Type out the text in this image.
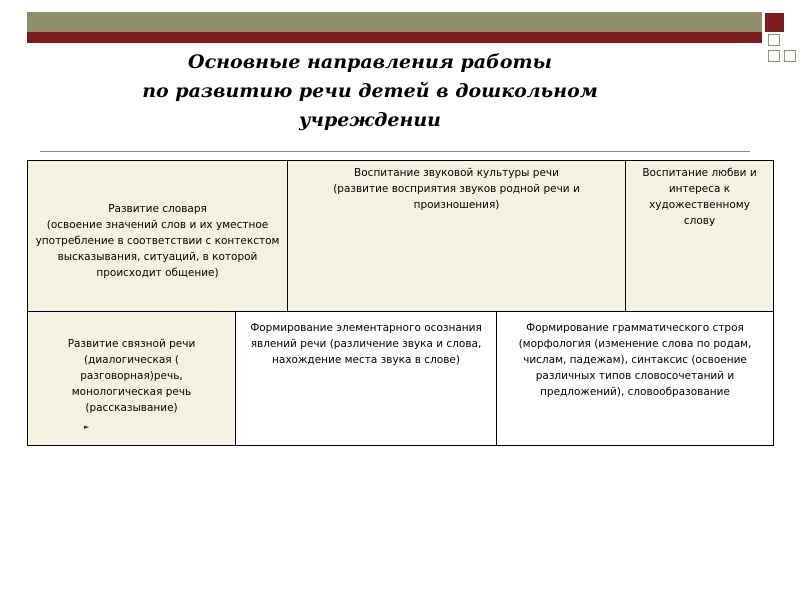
Основные направления работы
по развитию речи детей в дошкольном
учреждении

Развитие словаря
(освоение значений слов и их уместное употребление в соответствии с контекстом высказывания, ситуаций, в которой происходит общение)

Воспитание звуковой культуры речи
(развитие восприятия звуков родной речи и произношения)
Воспитание любви и интереса к художественному слову

Развитие связной речи (диалогическая ( разговорная)речь, монологическая речь (рассказывание)

►

Формирование элементарного осознания явлений речи (различение звука и слова, нахождение места звука в слове)
Формирование грамматического строя (морфология (изменение слова по родам, числам, падежам), синтаксис (освоение различных типов словосочетаний и предложений), словообразование
